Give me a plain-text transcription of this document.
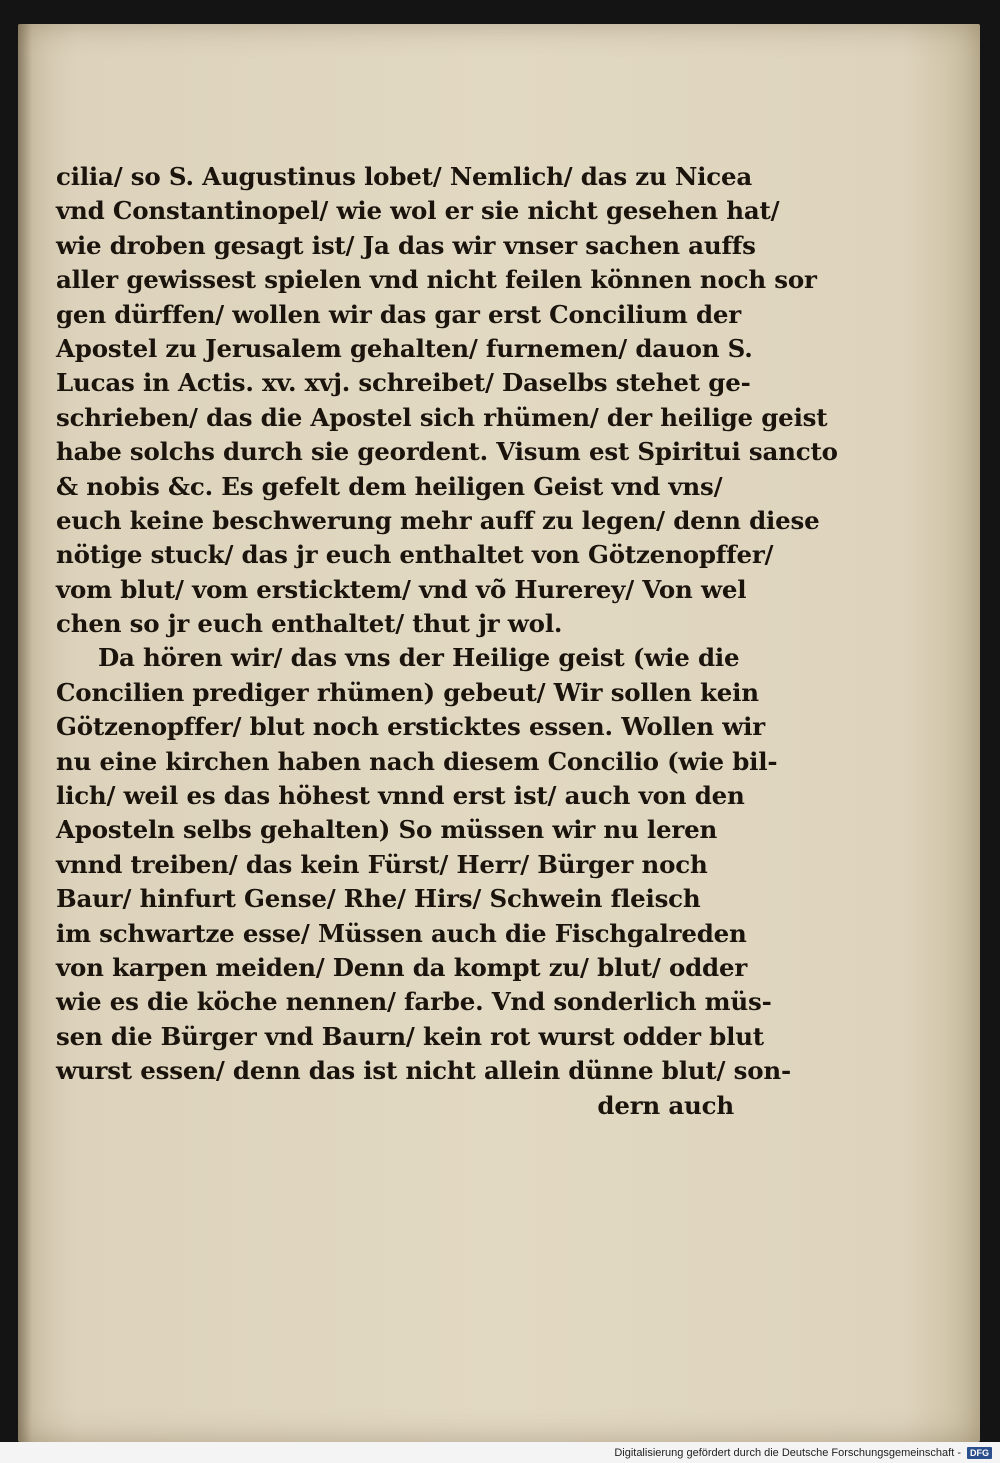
cilia/ so S. Augustinus lobet/ Nemlich/ das zu Nicea
vnd Constantinopel/ wie wol er sie nicht gesehen hat/
wie droben gesagt ist/ Ja das wir vnser sachen auffs
aller gewissest spielen vnd nicht feilen können noch sor
gen dürffen/ wollen wir das gar erst Concilium der
Apostel zu Jerusalem gehalten/ furnemen/ dauon S.
Lucas in Actis. xv. xvj. schreibet/ Daselbs stehet ge-
schrieben/ das die Apostel sich rhümen/ der heilige geist
habe solchs durch sie geordent. Visum est Spiritui sancto
& nobis &c. Es gefelt dem heiligen Geist vnd vns/
euch keine beschwerung mehr auff zu legen/ denn diese
nötige stuck/ das jr euch enthaltet von Götzenopffer/
vom blut/ vom ersticktem/ vnd võ Hurerey/ Von wel
chen so jr euch enthaltet/ thut jr wol.
Da hören wir/ das vns der Heilige geist (wie die
Concilien prediger rhümen) gebeut/ Wir sollen kein
Götzenopffer/ blut noch ersticktes essen. Wollen wir
nu eine kirchen haben nach diesem Concilio (wie bil-
lich/ weil es das höhest vnnd erst ist/ auch von den
Aposteln selbs gehalten) So müssen wir nu leren
vnnd treiben/ das kein Fürst/ Herr/ Bürger noch
Baur/ hinfurt Gense/ Rhe/ Hirs/ Schwein fleisch
im schwartze esse/ Müssen auch die Fischgalreden
von karpen meiden/ Denn da kompt zu/ blut/ odder
wie es die köche nennen/ farbe. Vnd sonderlich müs-
sen die Bürger vnd Baurn/ kein rot wurst odder blut
wurst essen/ denn das ist nicht allein dünne blut/ son-
dern auch
Digitalisierung gefördert durch die Deutsche Forschungsgemeinschaft -	DFG
